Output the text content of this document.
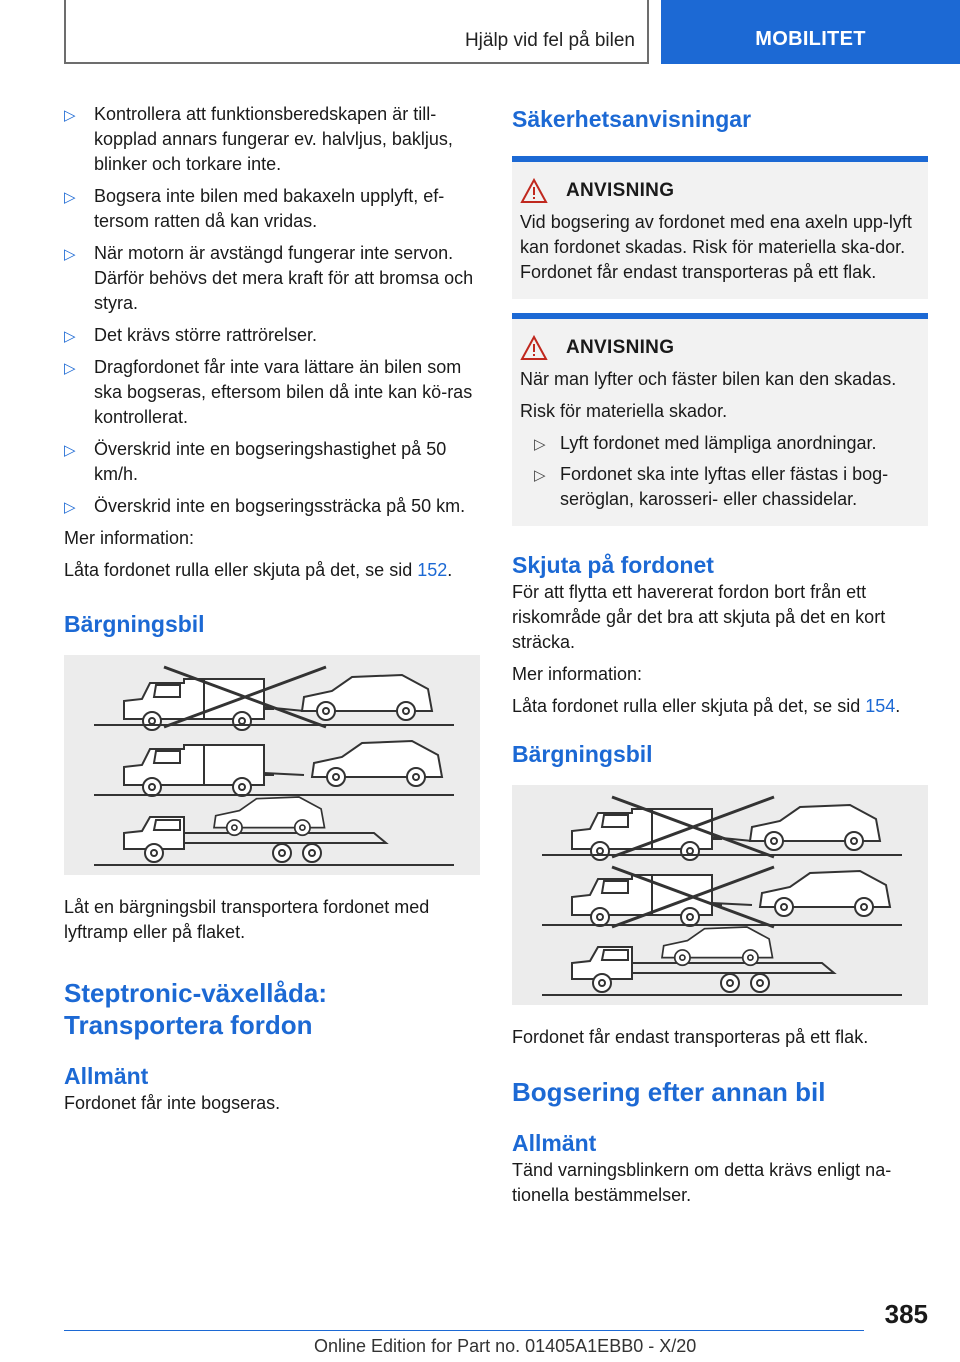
Hjälp vid fel på bilen	MOBILITET
▷ Kontrollera att funktionsberedskapen är till-kopplad annars fungerar ev. halvljus, bakljus, blinker och torkare inte.
▷ Bogsera inte bilen med bakaxeln upplyft, ef-tersom ratten då kan vridas.
▷ När motorn är avstängd fungerar inte servon. Därför behövs det mera kraft för att bromsa och styra.
▷ Det krävs större rattrörelser.
▷ Dragfordonet får inte vara lättare än bilen som ska bogseras, eftersom bilen då inte kan kö-ras kontrollerat.
▷ Överskrid inte en bogseringshastighet på 50 km/h.
▷ Överskrid inte en bogseringssträcka på 50 km.

Mer information:

Låta fordonet rulla eller skjuta på det, se sid 152.

Bärgningsbil

Låt en bärgningsbil transportera fordonet med lyftramp eller på flaket.

Steptronic-växellåda:
Transportera fordon
Allmänt

Fordonet får inte bogseras.

Säkerhetsanvisningar
ANVISNING

Vid bogsering av fordonet med ena axeln upp-lyft kan fordonet skadas. Risk för materiella ska-dor. Fordonet får endast transporteras på ett flak.

ANVISNING

När man lyfter och fäster bilen kan den skadas.

Risk för materiella skador.

▷ Lyft fordonet med lämpliga anordningar.
▷ Fordonet ska inte lyftas eller fästas i bog-seröglan, karosseri- eller chassidelar.
Skjuta på fordonet

För att flytta ett havererat fordon bort från ett riskområde går det bra att skjuta på det en kort sträcka.

Mer information:

Låta fordonet rulla eller skjuta på det, se sid 154.

Bärgningsbil

Fordonet får endast transporteras på ett flak.

Bogsering efter annan bil
Allmänt

Tänd varningsblinkern om detta krävs enligt na-tionella bestämmelser.

385
Online Edition for Part no. 01405A1EBB0 - X/20
